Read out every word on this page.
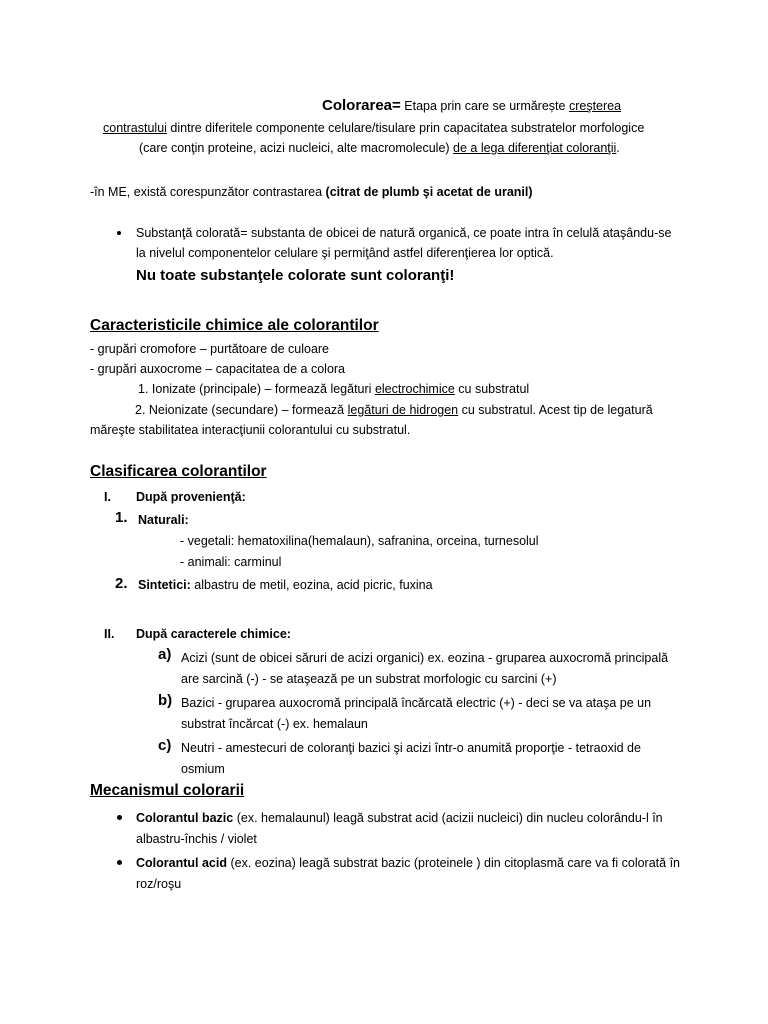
Colorarea= Etapa prin care se urmărește creşterea
contrastului dintre diferitele componente celulare/tisulare prin capacitatea substratelor morfologice
(care conţin proteine, acizi nucleici, alte macromolecule) de a lega diferenţiat coloranţii.
-în ME, există corespunzător contrastarea (citrat de plumb şi acetat de uranil)
Substanţă colorată= substanta de obicei de natură organică, ce poate intra în celulă ataşându-se
la nivelul componentelor celulare şi permiţând astfel diferenţierea lor optică.
Nu toate substanţele colorate sunt coloranţi!
Caracteristicile chimice ale colorantilor
- grupări cromofore – purtătoare de culoare
- grupări auxocrome – capacitatea de a colora
1. Ionizate (principale) – formează legături electrochimice cu substratul
2. Neionizate (secundare) – formează legături de hidrogen cu substratul. Acest tip de legatură
măreşte stabilitatea interacţiunii colorantului cu substratul.
Clasificarea colorantilor
I. După provenienţă:
1. Naturali:
- vegetali: hematoxilina(hemalaun), safranina, orceina, turnesolul
- animali: carminul
2. Sintetici: albastru de metil, eozina, acid picric, fuxina
II. După caracterele chimice:
a) Acizi (sunt de obicei săruri de acizi organici) ex. eozina - gruparea auxocromă principală
are sarcină (-) - se ataşează pe un substrat morfologic cu sarcini (+)
b) Bazici - gruparea auxocromă principală încărcată electric (+) - deci se va ataşa pe un
substrat încărcat (-) ex. hemalaun
c) Neutri - amestecuri de coloranţi bazici şi acizi într-o anumită proporţie - tetraoxid de
osmium
Mecanismul colorarii
Colorantul bazic (ex. hemalaunul) leagă substrat acid (acizii nucleici) din nucleu colorându-l în
albastru-închis / violet
Colorantul acid (ex. eozina) leagă substrat bazic (proteinele ) din citoplasmă care va fi colorată în
roz/roşu
